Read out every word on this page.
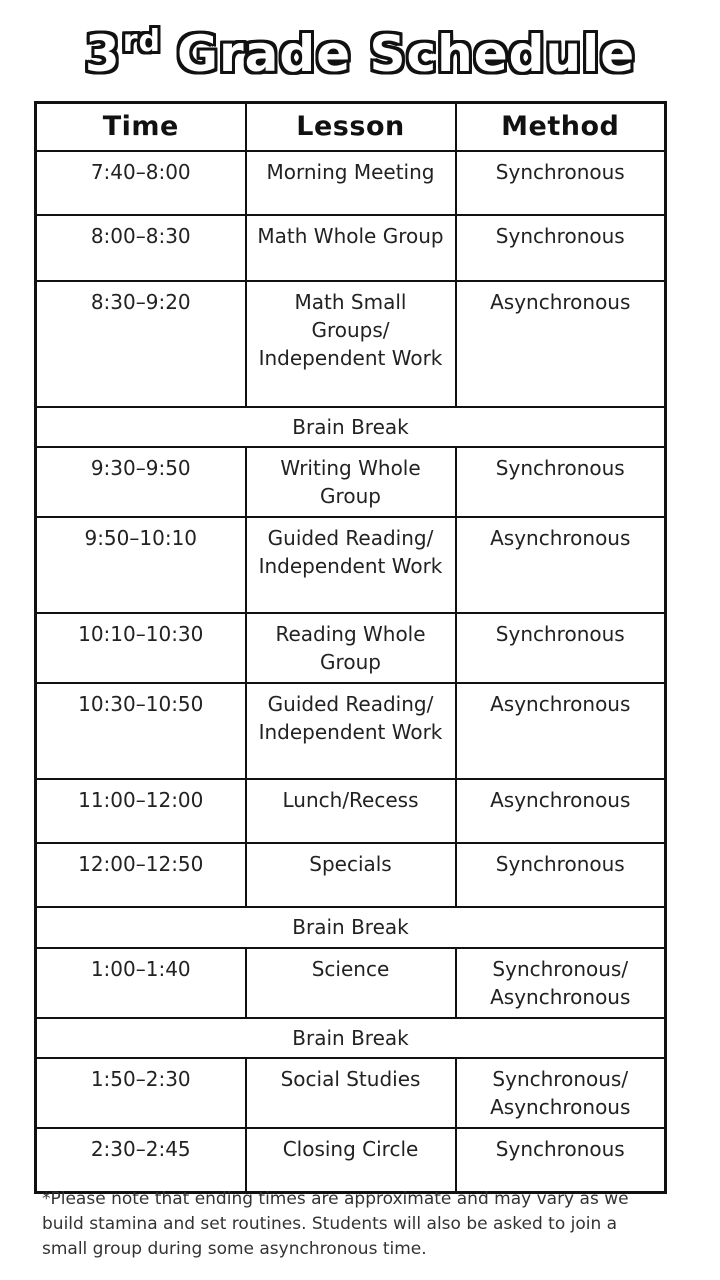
3rd Grade Schedule
Time	Lesson	Method
7:40–8:00	Morning Meeting	Synchronous
8:00–8:30	Math Whole Group	Synchronous
8:30–9:20	Math Small Groups/ Independent Work	Asynchronous
Brain Break		
9:30–9:50	Writing Whole Group	Synchronous
9:50–10:10	Guided Reading/ Independent Work	Asynchronous
10:10–10:30	Reading Whole Group	Synchronous
10:30–10:50	Guided Reading/ Independent Work	Asynchronous
11:00–12:00	Lunch/Recess	Asynchronous
12:00–12:50	Specials	Synchronous
Brain Break		
1:00–1:40	Science	Synchronous/ Asynchronous
Brain Break		
1:50–2:30	Social Studies	Synchronous/ Asynchronous
2:30–2:45	Closing Circle	Synchronous
*Please note that ending times are approximate and may vary as we build stamina and set routines. Students will also be asked to join a small group during some asynchronous time.
